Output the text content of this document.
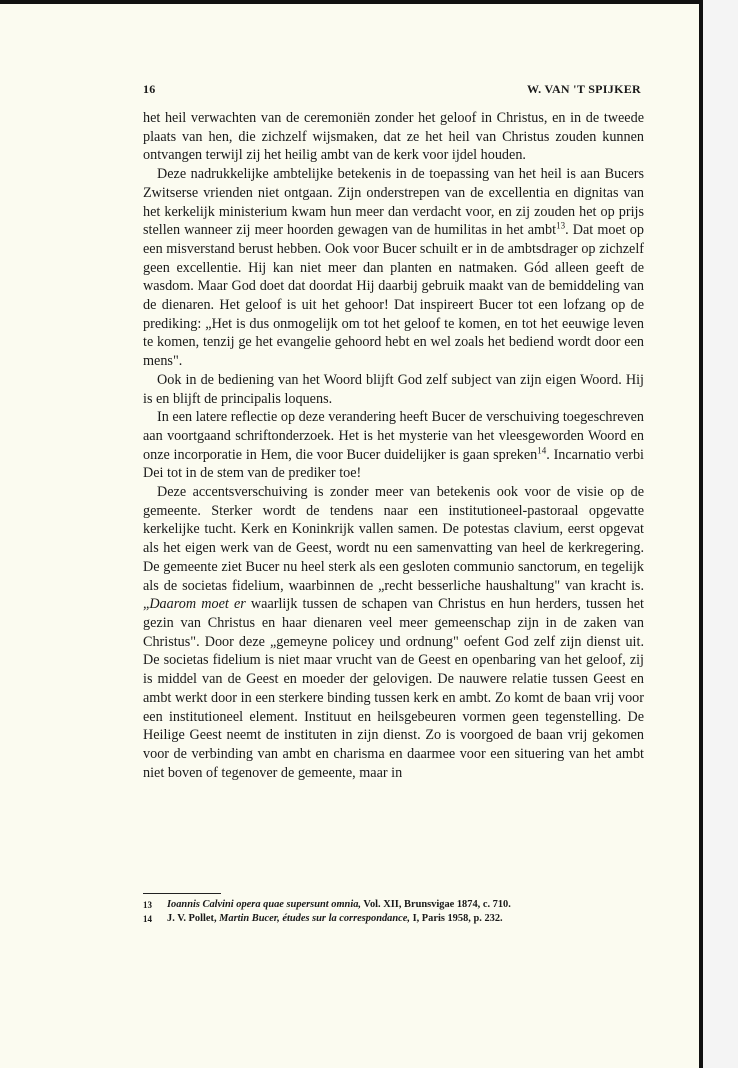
16	W. VAN 'T SPIJKER

het heil verwachten van de ceremoniën zonder het geloof in Christus, en in de tweede plaats van hen, die zichzelf wijsmaken, dat ze het heil van Christus zouden kunnen ontvangen terwijl zij het heilig ambt van de kerk voor ijdel houden.

Deze nadrukkelijke ambtelijke betekenis in de toepassing van het heil is aan Bucers Zwitserse vrienden niet ontgaan. Zijn onderstrepen van de excellentia en dignitas van het kerkelijk ministerium kwam hun meer dan verdacht voor, en zij zouden het op prijs stellen wanneer zij meer hoorden gewagen van de humilitas in het ambt$^{13}$. Dat moet op een misverstand berust hebben. Ook voor Bucer schuilt er in de ambtsdrager op zichzelf geen excellentie. Hij kan niet meer dan planten en natmaken. Gód alleen geeft de wasdom. Maar God doet dat doordat Hij daarbij gebruik maakt van de bemiddeling van de dienaren. Het geloof is uit het gehoor! Dat inspireert Bucer tot een lofzang op de prediking: „Het is dus onmogelijk om tot het geloof te komen, en tot het eeuwige leven te komen, tenzij ge het evangelie gehoord hebt en wel zoals het bediend wordt door een mens".

Ook in de bediening van het Woord blijft God zelf subject van zijn eigen Woord. Hij is en blijft de principalis loquens.

In een latere reflectie op deze verandering heeft Bucer de verschuiving toegeschreven aan voortgaand schriftonderzoek. Het is het mysterie van het vleesgeworden Woord en onze incorporatie in Hem, die voor Bucer duidelijker is gaan spreken$^{14}$. Incarnatio verbi Dei tot in de stem van de prediker toe!

Deze accentsverschuiving is zonder meer van betekenis ook voor de visie op de gemeente. Sterker wordt de tendens naar een institutioneel-pastoraal opgevatte kerkelijke tucht. Kerk en Koninkrijk vallen samen. De potestas clavium, eerst opgevat als het eigen werk van de Geest, wordt nu een samenvatting van heel de kerkregering. De gemeente ziet Bucer nu heel sterk als een gesloten communio sanctorum, en tegelijk als de societas fidelium, waarbinnen de „recht besserliche haushaltung" van kracht is. „Daarom moet er waarlijk tussen de schapen van Christus en hun herders, tussen het gezin van Christus en haar dienaren veel meer gemeenschap zijn in de zaken van Christus". Door deze „gemeyne policey und ordnung" oefent God zelf zijn dienst uit. De societas fidelium is niet maar vrucht van de Geest en openbaring van het geloof, zij is middel van de Geest en moeder der gelovigen. De nauwere relatie tussen Geest en ambt werkt door in een sterkere binding tussen kerk en ambt. Zo komt de baan vrij voor een institutioneel element. Instituut en heilsgebeuren vormen geen tegenstelling. De Heilige Geest neemt de instituten in zijn dienst. Zo is voorgoed de baan vrij gekomen voor de verbinding van ambt en charisma en daarmee voor een situering van het ambt niet boven of tegenover de gemeente, maar in

13 Ioannis Calvini opera quae supersunt omnia, Vol. XII, Brunsvigae 1874, c. 710.
14 J. V. Pollet, Martin Bucer, études sur la correspondance, I, Paris 1958, p. 232.
